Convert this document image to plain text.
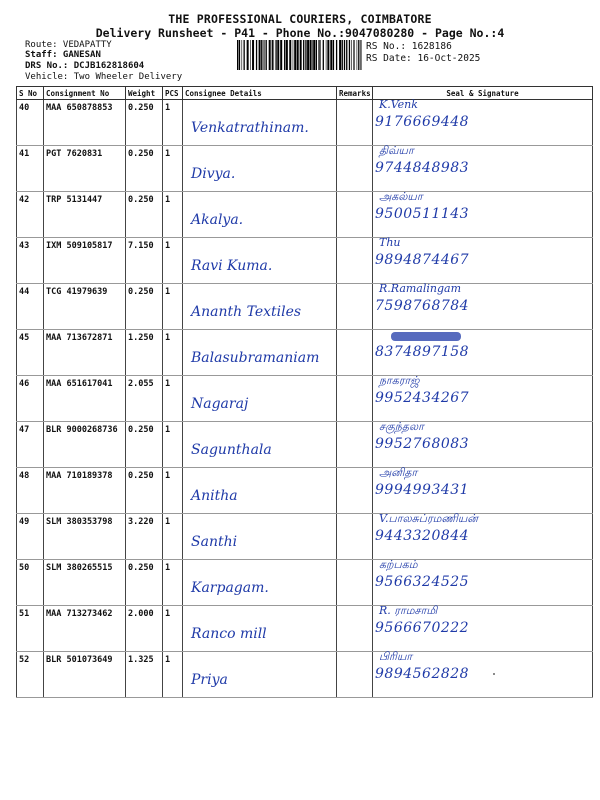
THE PROFESSIONAL COURIERS, COIMBATORE
Delivery Runsheet - P41 - Phone No.:9047080280 - Page No.:4
Route: VEDAPATTY
Staff: GANESAN
DRS No.: DCJB162818604
Vehicle: Two Wheeler Delivery
RS No.: 1628186
RS Date: 16-Oct-2025
S No	Consignment No	Weight	PCS	Consignee Details	Remarks	Seal & Signature
40	MAA 650878853	0.250	1	Venkatrathinam.		K.Venk
9176669448

41	PGT 7620831	0.250	1	Divya.		திவ்யா
9744848983

42	TRP 5131447	0.250	1	Akalya.		அகல்யா
9500511143

43	IXM 509105817	7.150	1	Ravi Kuma.		Thu
9894874467

44	TCG 41979639	0.250	1	Ananth Textiles		R.Ramalingam
7598768784

45	MAA 713672871	1.250	1	Balasubramaniam		8374897158

46	MAA 651617041	2.055	1	Nagaraj		நாகராஜ்
9952434267

47	BLR 9000268736	0.250	1	Sagunthala		சகுந்தலா
9952768083

48	MAA 710189378	0.250	1	Anitha		அனிதா
9994993431

49	SLM 380353798	3.220	1	Santhi		V.பாலசுப்ரமணியன்
9443320844

50	SLM 380265515	0.250	1	Karpagam.		கற்பகம்
9566324525

51	MAA 713273462	2.000	1	Ranco mill		R. ராமசாமி
9566670222

52	BLR 501073649	1.325	1	Priya		பிரியா
9894562828
